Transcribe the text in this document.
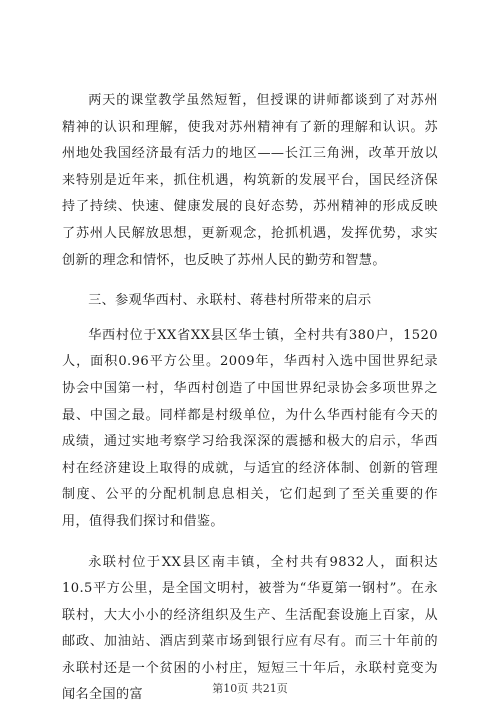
两天的课堂教学虽然短暂，但授课的讲师都谈到了对苏州精神的认识和理解，使我对苏州精神有了新的理解和认识。苏州地处我国经济最有活力的地区——长江三角洲，改革开放以来特别是近年来，抓住机遇，构筑新的发展平台，国民经济保持了持续、快速、健康发展的良好态势，苏州精神的形成反映了苏州人民解放思想，更新观念，抢抓机遇，发挥优势，求实创新的理念和情怀，也反映了苏州人民的勤劳和智慧。

三、参观华西村、永联村、蒋巷村所带来的启示

华西村位于XX省XX县区华士镇，全村共有380户，1520人，面积0.96平方公里。2009年，华西村入选中国世界纪录协会中国第一村，华西村创造了中国世界纪录协会多项世界之最、中国之最。同样都是村级单位，为什么华西村能有今天的成绩，通过实地考察学习给我深深的震撼和极大的启示，华西村在经济建设上取得的成就，与适宜的经济体制、创新的管理制度、公平的分配机制息息相关，它们起到了至关重要的作用，值得我们探讨和借鉴。

永联村位于XX县区南丰镇，全村共有9832人，面积达10.5平方公里，是全国文明村，被誉为“华夏第一钢村”。在永联村，大大小小的经济组织及生产、生活配套设施上百家，从邮政、加油站、酒店到菜市场到银行应有尽有。而三十年前的永联村还是一个贫困的小村庄，短短三十年后，永联村竟变为闻名全国的富	第10页 共21页
